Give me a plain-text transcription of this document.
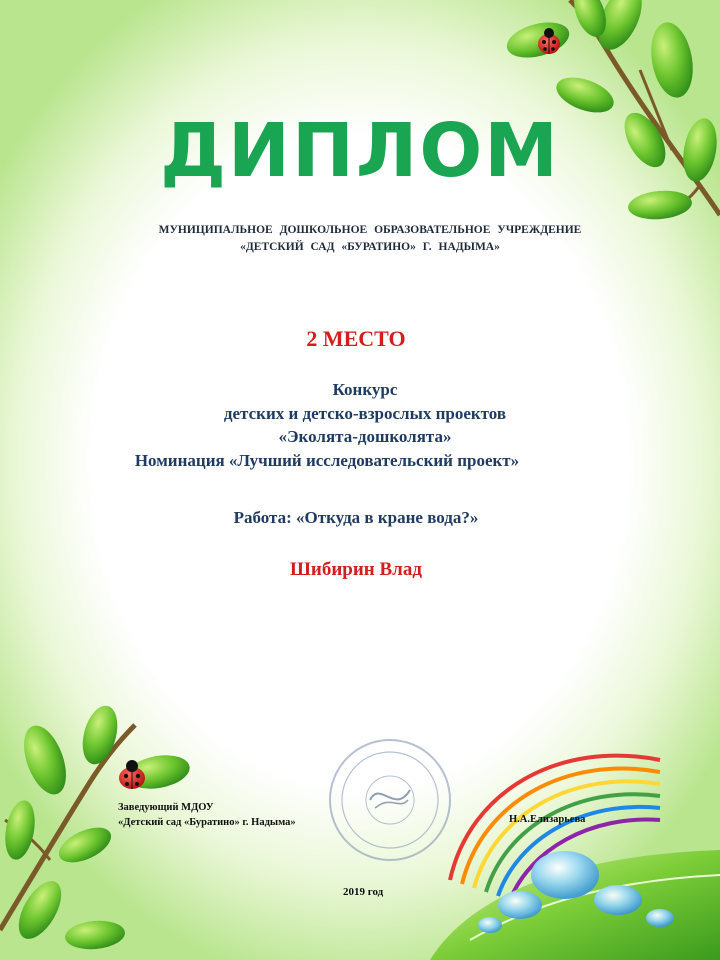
ДИПЛОМ
МУНИЦИПАЛЬНОЕ ДОШКОЛЬНОЕ ОБРАЗОВАТЕЛЬНОЕ УЧРЕЖДЕНИЕ
«ДЕТСКИЙ САД «БУРАТИНО» Г. НАДЫМА»
2 МЕСТО
Конкурс
детских и детско-взрослых проектов
«Эколята-дошколята»
Номинация «Лучший исследовательский проект»
Работа: «Откуда в кране вода?»
Шибирин Влад
Заведующий МДОУ
«Детский сад «Буратино» г. Надыма»	Н.А.Елизарьева
2019 год
